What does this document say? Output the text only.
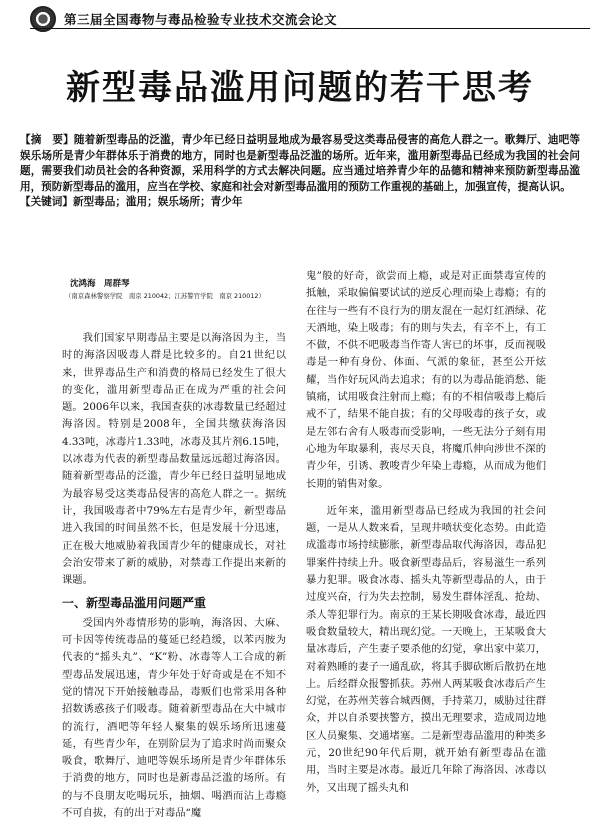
第三届全国毒物与毒品检验专业技术交流会论文
新型毒品滥用问题的若干思考

【摘　要】随着新型毒品的泛滥，青少年已经日益明显地成为最容易受这类毒品侵害的高危人群之一。歌舞厅、迪吧等娱乐场所是青少年群体乐于消费的地方，同时也是新型毒品泛滥的场所。近年来，滥用新型毒品已经成为我国的社会问题，需要我们动员社会的各种资源，采用科学的方式去解决问题。应当通过培养青少年的品德和精神来预防新型毒品滥用，预防新型毒品的滥用，应当在学校、家庭和社会对新型毒品滥用的预防工作重视的基础上，加强宣传，提高认识。

【关键词】新型毒品；滥用；娱乐场所；青少年

沈鸿海　周群琴
（南京森林警察学院　南京 210042；江苏警官学院　南京 210012）

我们国家早期毒品主要是以海洛因为主，当时的海洛因吸毒人群是比较多的。自21世纪以来，世界毒品生产和消费的格局已经发生了很大的变化，滥用新型毒品正在成为严重的社会问题。2006年以来，我国查获的冰毒数量已经超过海洛因。特别是2008年，全国共缴获海洛因4.33吨，冰毒片1.33吨，冰毒及其片剂6.15吨，以冰毒为代表的新型毒品数量远远超过海洛因。随着新型毒品的泛滥，青少年已经日益明显地成为最容易受这类毒品侵害的高危人群之一。据统计，我国吸毒者中79%左右是青少年，新型毒品进入我国的时间虽然不长，但是发展十分迅速，正在极大地威胁着我国青少年的健康成长，对社会治安带来了新的威胁，对禁毒工作提出来新的课题。

一、新型毒品滥用问题严重

受国内外毒情形势的影响，海洛因、大麻、可卡因等传统毒品的蔓延已经趋缓，以苯丙胺为代表的“摇头丸”、“K”粉、冰毒等人工合成的新型毒品发展迅速，青少年处于好奇或是在不知不觉的情况下开始接触毒品，毒贩们也常采用各种招数诱惑孩子们吸毒。随着新型毒品在大中城市的流行，酒吧等年轻人聚集的娱乐场所迅速蔓延，有些青少年，在别阶层为了追求时尚而聚众吸食，歌舞厅、迪吧等娱乐场所是青少年群体乐于消费的地方，同时也是新毒品泛滥的场所。有的与不良朋友吃喝玩乐，抽烟、喝酒而沾上毒瘾不可自拔，有的出于对毒品“魔

鬼”般的好奇，欲尝而上瘾，或是对正面禁毒宣传的抵触，采取偏偏要试试的逆反心理而染上毒瘾；有的在往与一些有不良行为的朋友混在一起灯红酒绿、花天酒地，染上吸毒；有的則与失去，有辛不上，有工不做，不供不吧吸毒当作寄人害已的坏事，反而视吸毒是一种有身份、体面、气派的象征，甚至公开炫耀，当作好玩风尚去追求；有的以为毒品能消愁、能镇痛，试用吸食注射而上瘾；有的不相信吸毒上瘾后戒不了，结果不能自拔；有的父母吸毒的孩子女，或是左邻右舍有人吸毒而受影响，一些无法分子刻有用心地为年取暴利，丧尽天良，将魔爪伸向涉世不深的青少年，引诱、教唆青少年染上毒瘾，从而成为他们长期的销售对象。

近年来，滥用新型毒品已经成为我国的社会问题，一是从人数来看，呈现井喷状变化态势。由此造成滥毒市场持续膨胀，新型毒品取代海洛因，毒品犯罪案件持续上升。吸食新型毒品后，容易滋生一系列暴力犯罪。吸食冰毒、摇头丸等新型毒品的人，由于过度兴奋，行为失去控制，易发生群体淫乱、抢劫、杀人等犯罪行为。南京的王某长期吸食冰毒，最近四吸食数量较大，精出现幻觉。一天晚上，王某吸食大量冰毒后，产生妻子要杀他的幻觉，拿出家中菜刀，对着熟睡的妻子一通乱砍，将其手脚砍断后散扔在地上。后经群众报警抓获。苏州人两某吸食冰毒后产生幻觉，在苏州芙蓉合城西侧，手持菜刀，威胁过往群众，并以自杀要挟警方，摸出无理要求，造成周边地区人员聚集、交通堵塞。二是新型毒品滥用的种类多元，20世纪90年代后期，就开始有新型毒品在滥用，当时主要是冰毒。最近几年除了海洛因、冰毒以外，又出现了摇头丸和
